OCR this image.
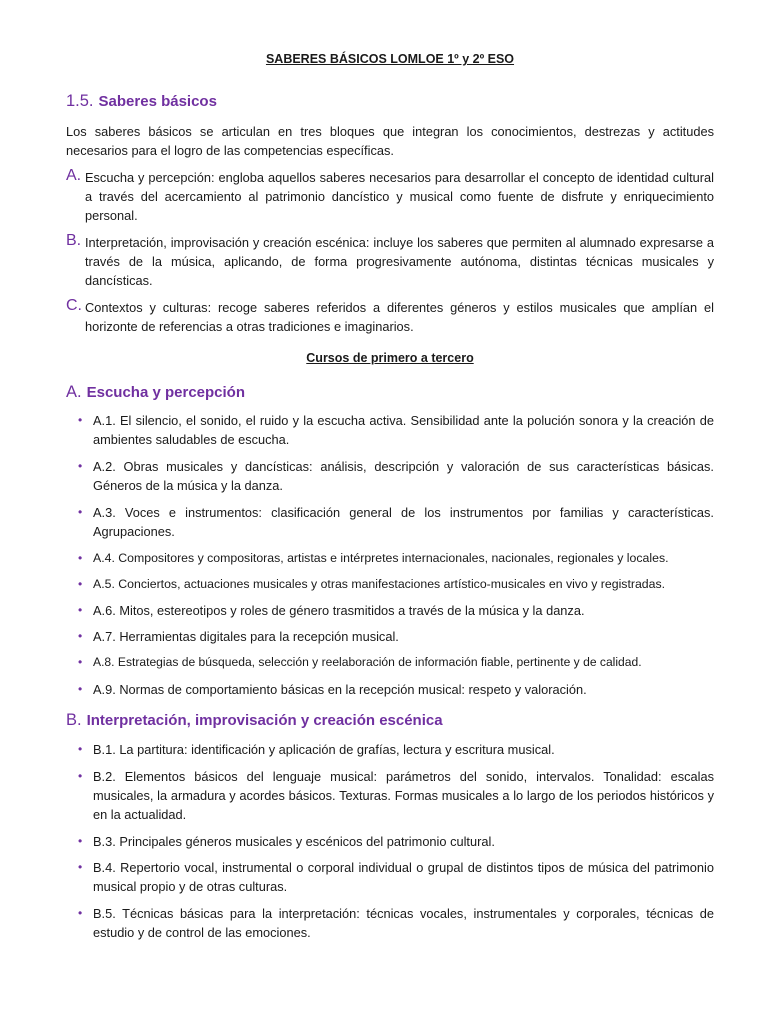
SABERES BÁSICOS LOMLOE 1º y 2º ESO
1.5. Saberes básicos
Los saberes básicos se articulan en tres bloques que integran los conocimientos, destrezas y actitudes necesarios para el logro de las competencias específicas.
A. Escucha y percepción: engloba aquellos saberes necesarios para desarrollar el concepto de identidad cultural a través del acercamiento al patrimonio dancístico y musical como fuente de disfrute y enriquecimiento personal.
B. Interpretación, improvisación y creación escénica: incluye los saberes que permiten al alumnado expresarse a través de la música, aplicando, de forma progresivamente autónoma, distintas técnicas musicales y dancísticas.
C. Contextos y culturas: recoge saberes referidos a diferentes géneros y estilos musicales que amplían el horizonte de referencias a otras tradiciones e imaginarios.
Cursos de primero a tercero
A. Escucha y percepción
• A.1. El silencio, el sonido, el ruido y la escucha activa. Sensibilidad ante la polución sonora y la creación de ambientes saludables de escucha.
• A.2. Obras musicales y dancísticas: análisis, descripción y valoración de sus características básicas. Géneros de la música y la danza.
• A.3. Voces e instrumentos: clasificación general de los instrumentos por familias y características. Agrupaciones.
• A.4. Compositores y compositoras, artistas e intérpretes internacionales, nacionales, regionales y locales.
• A.5. Conciertos, actuaciones musicales y otras manifestaciones artístico-musicales en vivo y registradas.
• A.6. Mitos, estereotipos y roles de género trasmitidos a través de la música y la danza.
• A.7. Herramientas digitales para la recepción musical.
• A.8. Estrategias de búsqueda, selección y reelaboración de información fiable, pertinente y de calidad.
• A.9. Normas de comportamiento básicas en la recepción musical: respeto y valoración.
B. Interpretación, improvisación y creación escénica
• B.1. La partitura: identificación y aplicación de grafías, lectura y escritura musical.
• B.2. Elementos básicos del lenguaje musical: parámetros del sonido, intervalos. Tonalidad: escalas musicales, la armadura y acordes básicos. Texturas. Formas musicales a lo largo de los periodos históricos y en la actualidad.
• B.3. Principales géneros musicales y escénicos del patrimonio cultural.
• B.4. Repertorio vocal, instrumental o corporal individual o grupal de distintos tipos de música del patrimonio musical propio y de otras culturas.
• B.5. Técnicas básicas para la interpretación: técnicas vocales, instrumentales y corporales, técnicas de estudio y de control de las emociones.
